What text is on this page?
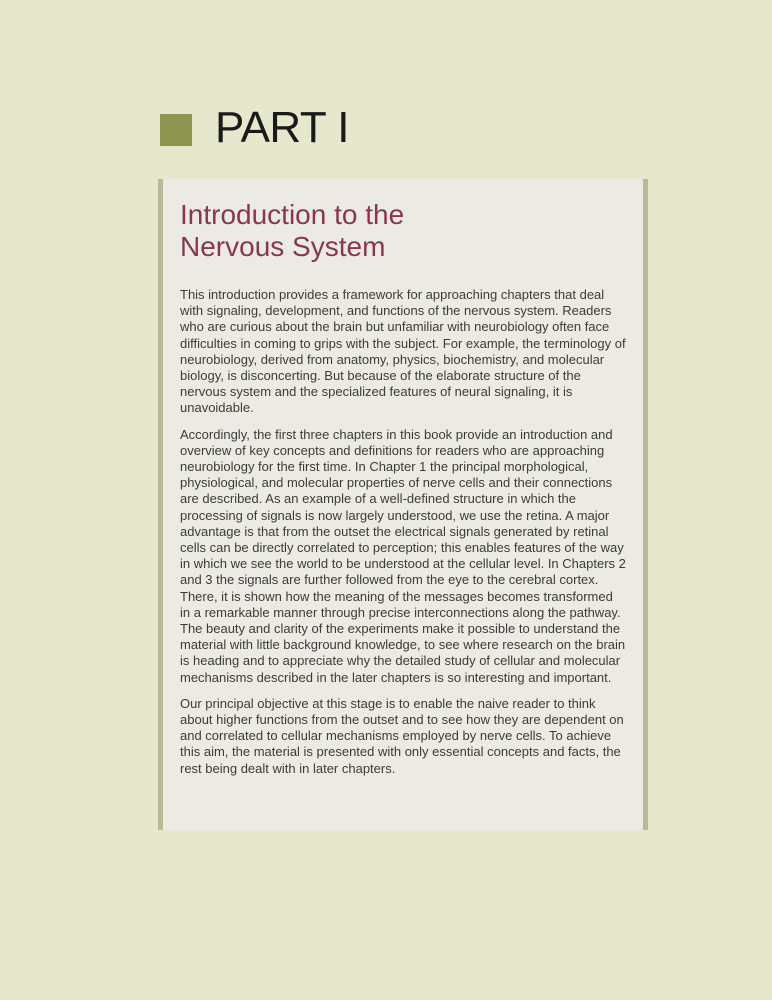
PART I
Introduction to the
Nervous System

This introduction provides a framework for approaching chapters that deal with signaling, development, and functions of the nervous system. Readers who are curious about the brain but unfamiliar with neurobiology often face difficulties in coming to grips with the subject. For example, the terminology of neurobiology, derived from anatomy, physics, biochemistry, and molecular biology, is disconcerting. But because of the elaborate structure of the nervous system and the specialized features of neural signaling, it is unavoidable.

Accordingly, the first three chapters in this book provide an introduction and overview of key concepts and definitions for readers who are approaching neurobiology for the first time. In Chapter 1 the principal morphological, physiological, and molecular properties of nerve cells and their connections are described. As an example of a well-defined structure in which the processing of signals is now largely understood, we use the retina. A major advantage is that from the outset the electrical signals generated by retinal cells can be directly correlated to perception; this enables features of the way in which we see the world to be understood at the cellular level. In Chapters 2 and 3 the signals are further followed from the eye to the cerebral cortex. There, it is shown how the meaning of the messages becomes transformed in a remarkable manner through precise interconnections along the pathway. The beauty and clarity of the experiments make it possible to understand the material with little background knowledge, to see where research on the brain is heading and to appreciate why the detailed study of cellular and molecular mechanisms described in the later chapters is so interesting and important.

Our principal objective at this stage is to enable the naive reader to think about higher functions from the outset and to see how they are dependent on and correlated to cellular mechanisms employed by nerve cells. To achieve this aim, the material is presented with only essential concepts and facts, the rest being dealt with in later chapters.
